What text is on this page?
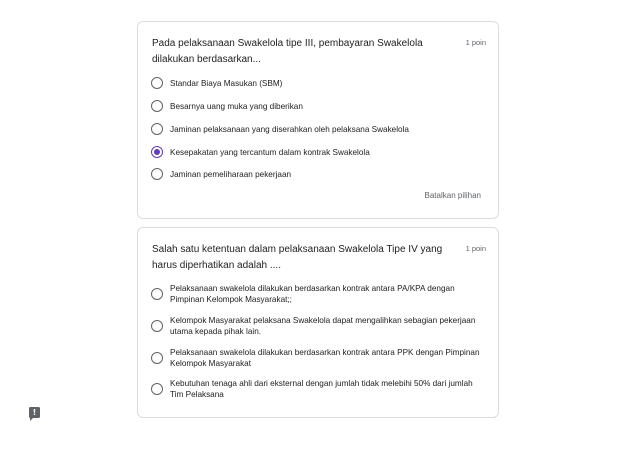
Pada pelaksanaan Swakelola tipe III, pembayaran Swakelola dilakukan berdasarkan...
1 poin
Standar Biaya Masukan (SBM)
Besarnya uang muka yang diberikan
Jaminan pelaksanaan yang diserahkan oleh pelaksana Swakelola
Kesepakatan yang tercantum dalam kontrak Swakelola
Jaminan pemeliharaan pekerjaan
Batalkan pilihan
Salah satu ketentuan dalam pelaksanaan Swakelola Tipe IV yang harus diperhatikan adalah ....
1 poin
Pelaksanaan swakelola dilakukan berdasarkan kontrak antara PA/KPA dengan Pimpinan Kelompok Masyarakat;;
Kelompok Masyarakat pelaksana Swakelola dapat mengalihkan sebagian pekerjaan utama kepada pihak lain.
Pelaksanaan swakelola dilakukan berdasarkan kontrak antara PPK dengan Pimpinan Kelompok Masyarakat
Kebutuhan tenaga ahli dari eksternal dengan jumlah tidak melebihi 50% dari jumlah Tim Pelaksana
!
